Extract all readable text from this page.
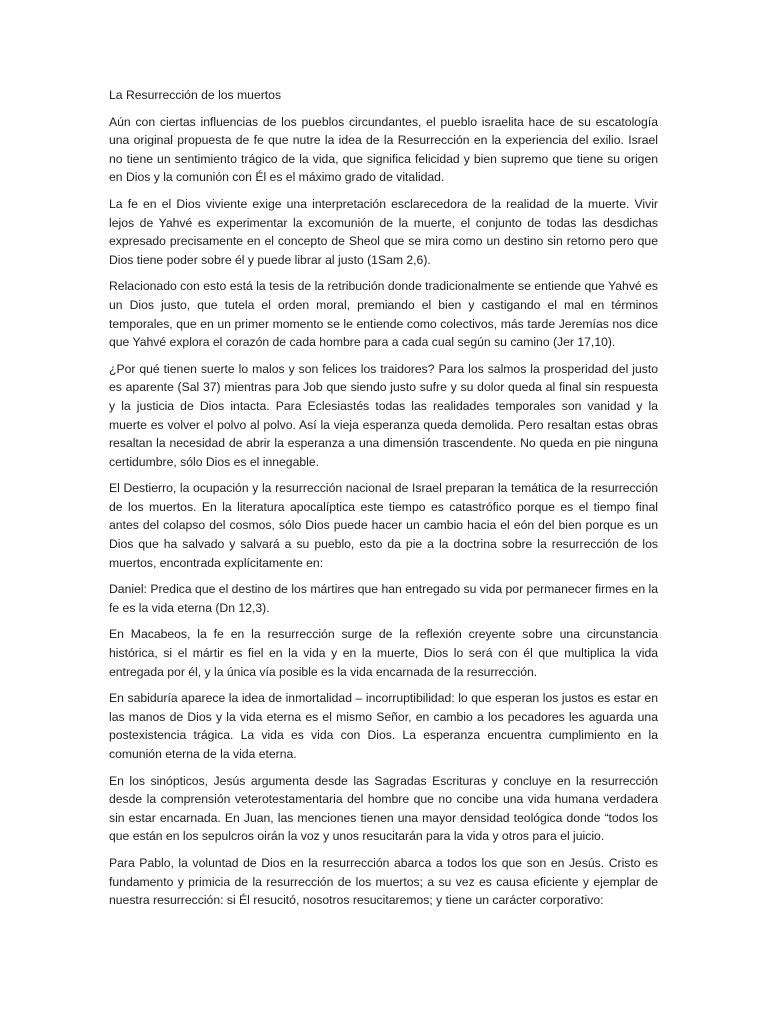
La Resurrección de los muertos

Aún con ciertas influencias de los pueblos circundantes, el pueblo israelita hace de su escatología una original propuesta de fe que nutre la idea de la Resurrección en la experiencia del exilio. Israel no tiene un sentimiento trágico de la vida, que significa felicidad y bien supremo que tiene su origen en Dios y la comunión con Él es el máximo grado de vitalidad.

La fe en el Dios viviente exige una interpretación esclarecedora de la realidad de la muerte. Vivir lejos de Yahvé es experimentar la excomunión de la muerte, el conjunto de todas las desdichas expresado precisamente en el concepto de Sheol que se mira como un destino sin retorno pero que Dios tiene poder sobre él y puede librar al justo (1Sam 2,6).

Relacionado con esto está la tesis de la retribución donde tradicionalmente se entiende que Yahvé es un Dios justo, que tutela el orden moral, premiando el bien y castigando el mal en términos temporales, que en un primer momento se le entiende como colectivos, más tarde Jeremías nos dice que Yahvé explora el corazón de cada hombre para a cada cual según su camino (Jer 17,10).

¿Por qué tienen suerte lo malos y son felices los traidores? Para los salmos la prosperidad del justo es aparente (Sal 37) mientras para Job que siendo justo sufre y su dolor queda al final sin respuesta y la justicia de Dios intacta. Para Eclesiastés todas las realidades temporales son vanidad y la muerte es volver el polvo al polvo. Así la vieja esperanza queda demolida. Pero resaltan estas obras resaltan la necesidad de abrir la esperanza a una dimensión trascendente. No queda en pie ninguna certidumbre, sólo Dios es el innegable.

El Destierro, la ocupación y la resurrección nacional de Israel preparan la temática de la resurrección de los muertos. En la literatura apocalíptica este tiempo es catastrófico porque es el tiempo final antes del colapso del cosmos, sólo Dios puede hacer un cambio hacia el eón del bien porque es un Dios que ha salvado y salvará a su pueblo, esto da pie a la doctrina sobre la resurrección de los muertos, encontrada explícitamente en:

Daniel: Predica que el destino de los mártires que han entregado su vida por permanecer firmes en la fe es la vida eterna (Dn 12,3).

En Macabeos, la fe en la resurrección surge de la reflexión creyente sobre una circunstancia histórica, si el mártir es fiel en la vida y en la muerte, Dios lo será con él que multiplica la vida entregada por él, y la única vía posible es la vida encarnada de la resurrección.

En sabiduría aparece la idea de inmortalidad – incorruptibilidad: lo que esperan los justos es estar en las manos de Dios y la vida eterna es el mismo Señor, en cambio a los pecadores les aguarda una postexistencia trágica. La vida es vida con Dios. La esperanza encuentra cumplimiento en la comunión eterna de la vida eterna.

En los sinópticos, Jesús argumenta desde las Sagradas Escrituras y concluye en la resurrección desde la comprensión veterotestamentaria del hombre que no concibe una vida humana verdadera sin estar encarnada. En Juan, las menciones tienen una mayor densidad teológica donde “todos los que están en los sepulcros oirán la voz y unos resucitarán para la vida y otros para el juicio.

Para Pablo, la voluntad de Dios en la resurrección abarca a todos los que son en Jesús. Cristo es fundamento y primicia de la resurrección de los muertos; a su vez es causa eficiente y ejemplar de nuestra resurrección: si Él resucitó, nosotros resucitaremos; y tiene un carácter corporativo:
